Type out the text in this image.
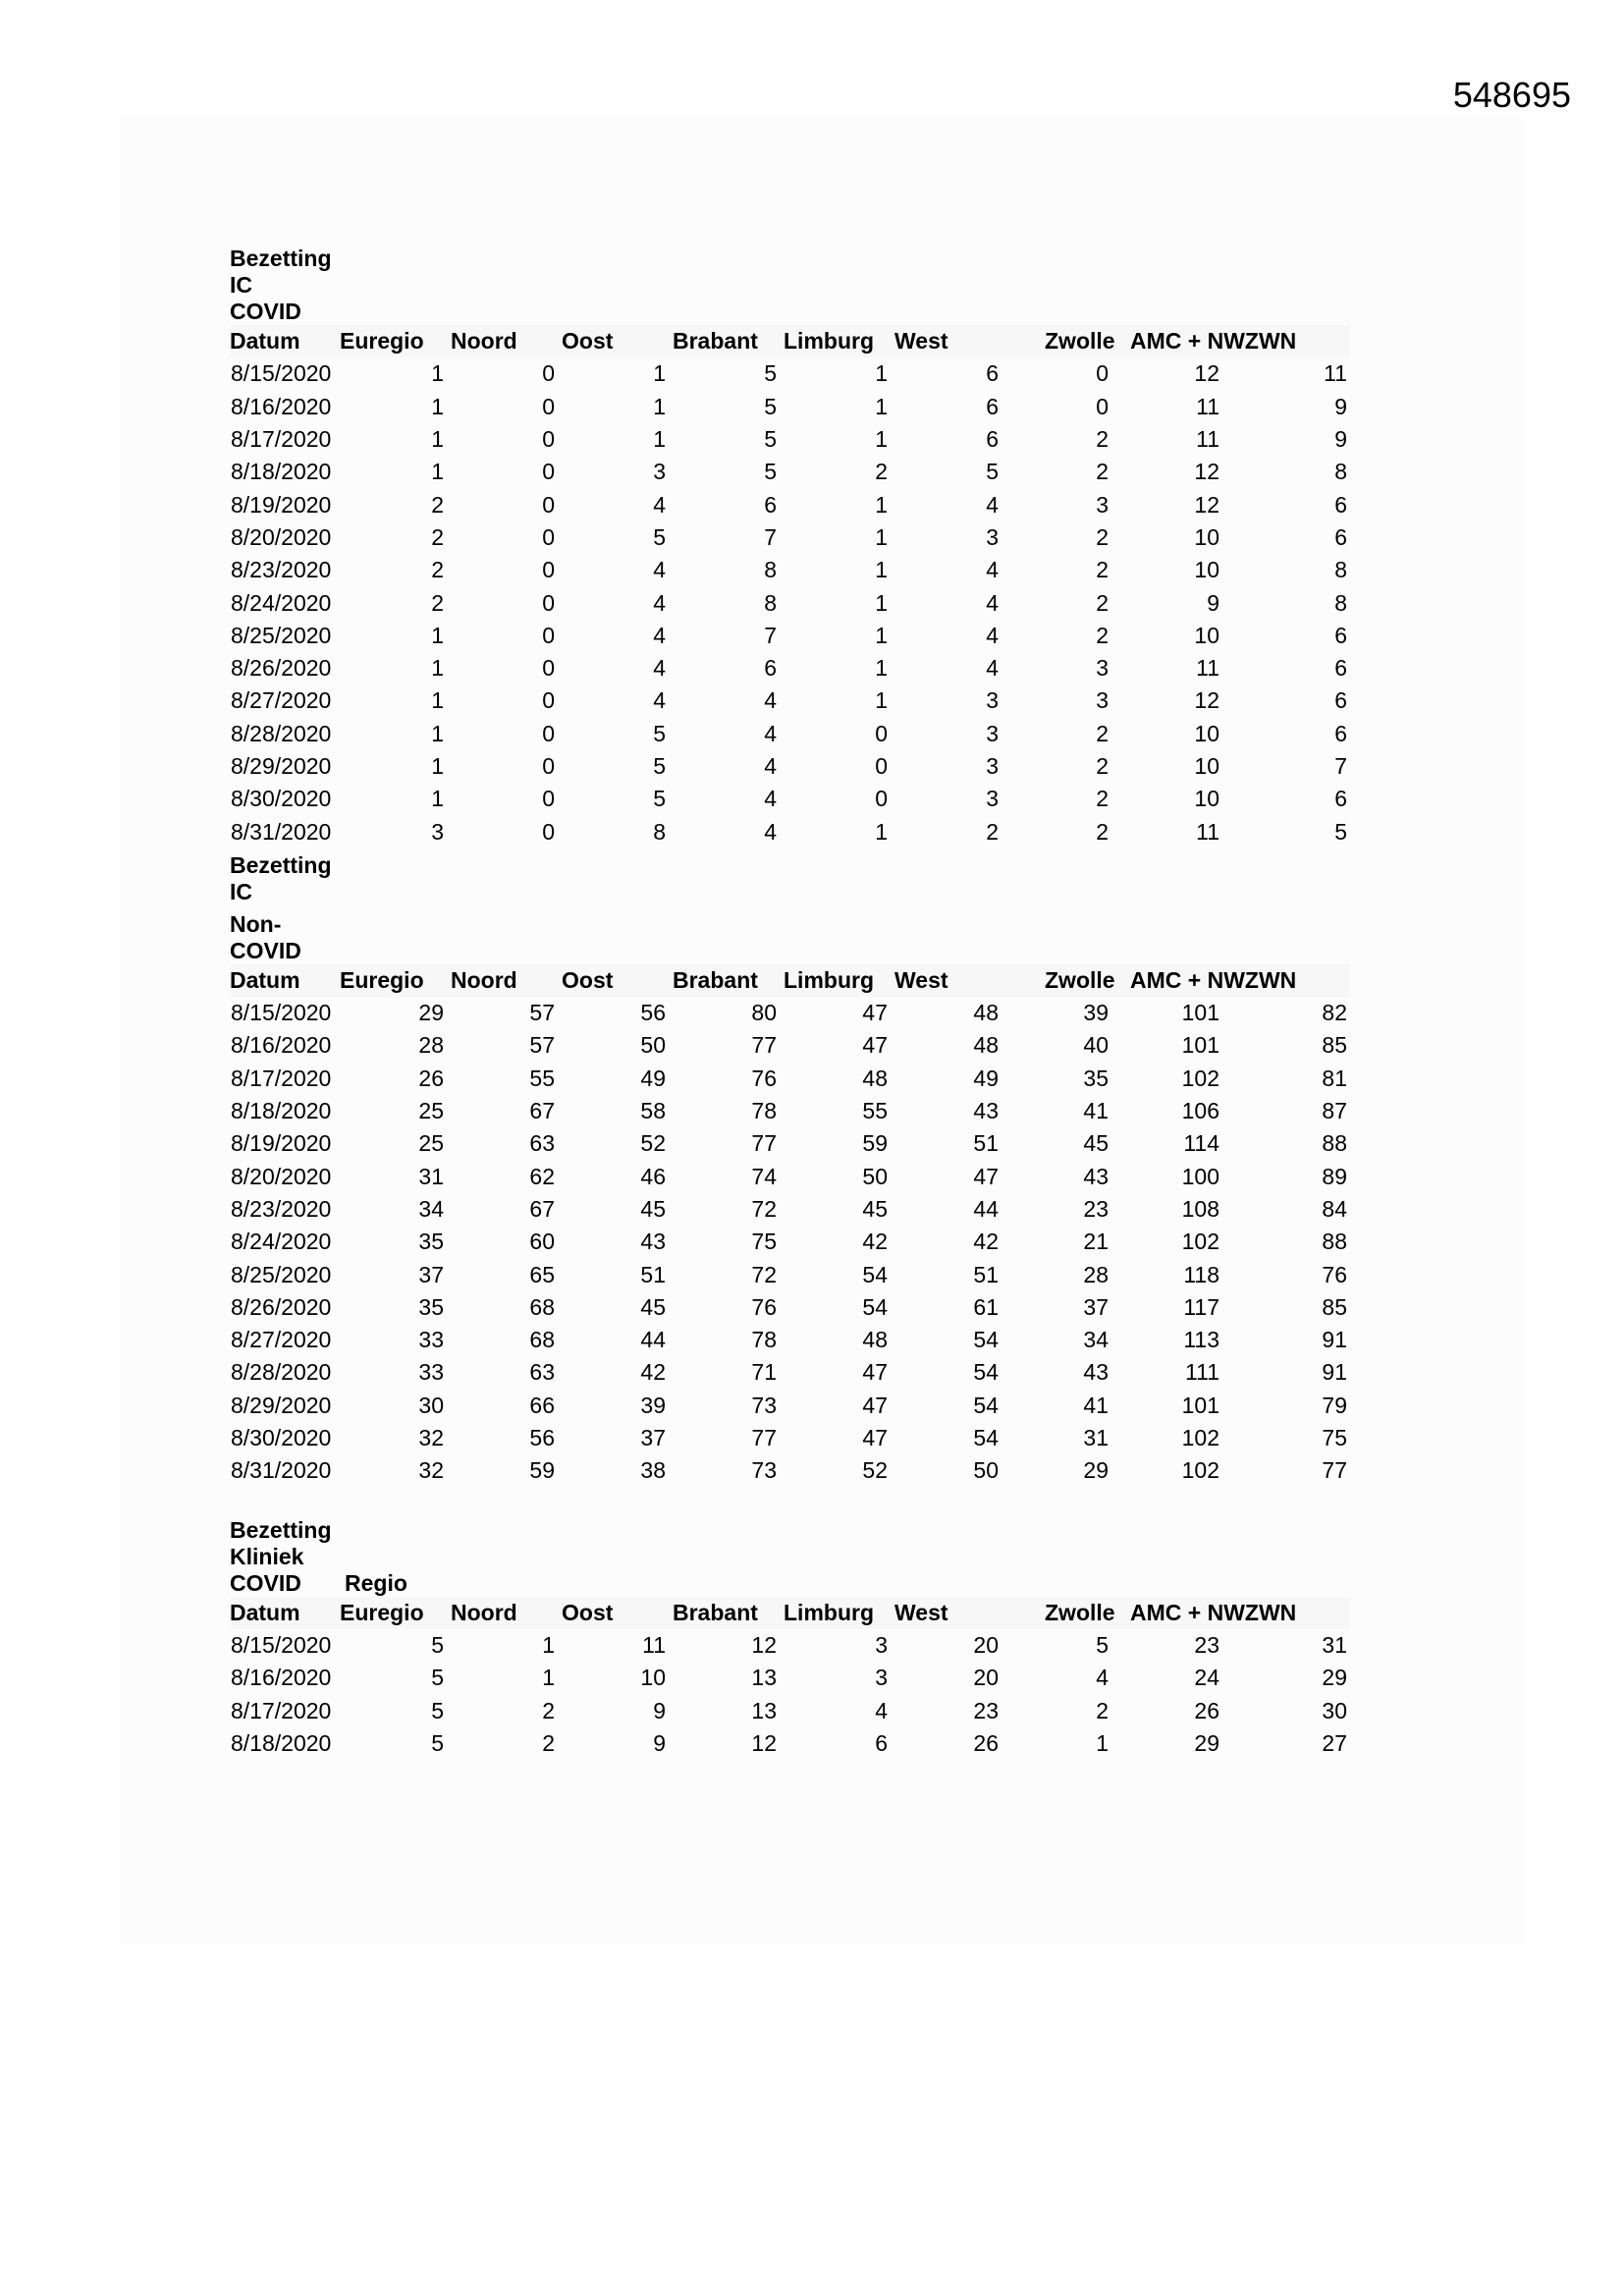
548695
Bezetting
IC
COVID
Datum	Euregio	Noord	Oost	Brabant	Limburg	West	Zwolle	AMC + NWZWN	
8/15/2020	1	0	1	5	1	6	0	12	11
8/16/2020	1	0	1	5	1	6	0	11	9
8/17/2020	1	0	1	5	1	6	2	11	9
8/18/2020	1	0	3	5	2	5	2	12	8
8/19/2020	2	0	4	6	1	4	3	12	6
8/20/2020	2	0	5	7	1	3	2	10	6
8/23/2020	2	0	4	8	1	4	2	10	8
8/24/2020	2	0	4	8	1	4	2	9	8
8/25/2020	1	0	4	7	1	4	2	10	6
8/26/2020	1	0	4	6	1	4	3	11	6
8/27/2020	1	0	4	4	1	3	3	12	6
8/28/2020	1	0	5	4	0	3	2	10	6
8/29/2020	1	0	5	4	0	3	2	10	7
8/30/2020	1	0	5	4	0	3	2	10	6
8/31/2020	3	0	8	4	1	2	2	11	5
Bezetting
IC
Non-
COVID
Datum	Euregio	Noord	Oost	Brabant	Limburg	West	Zwolle	AMC + NWZWN	
8/15/2020	29	57	56	80	47	48	39	101	82
8/16/2020	28	57	50	77	47	48	40	101	85
8/17/2020	26	55	49	76	48	49	35	102	81
8/18/2020	25	67	58	78	55	43	41	106	87
8/19/2020	25	63	52	77	59	51	45	114	88
8/20/2020	31	62	46	74	50	47	43	100	89
8/23/2020	34	67	45	72	45	44	23	108	84
8/24/2020	35	60	43	75	42	42	21	102	88
8/25/2020	37	65	51	72	54	51	28	118	76
8/26/2020	35	68	45	76	54	61	37	117	85
8/27/2020	33	68	44	78	48	54	34	113	91
8/28/2020	33	63	42	71	47	54	43	111	91
8/29/2020	30	66	39	73	47	54	41	101	79
8/30/2020	32	56	37	77	47	54	31	102	75
8/31/2020	32	59	38	73	52	50	29	102	77
Bezetting
Kliniek
COVID	Regio
Datum	Euregio	Noord	Oost	Brabant	Limburg	West	Zwolle	AMC + NWZWN	
8/15/2020	5	1	11	12	3	20	5	23	31
8/16/2020	5	1	10	13	3	20	4	24	29
8/17/2020	5	2	9	13	4	23	2	26	30
8/18/2020	5	2	9	12	6	26	1	29	27
